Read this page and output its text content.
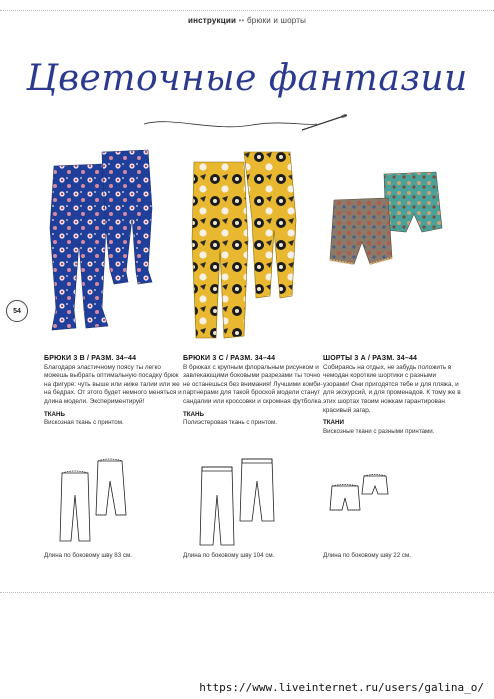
инструкции •• брюки и шорты
Цветочные фантазии
54
БРЮКИ 3 В / РАЗМ. 34–44
Благодаря эластичному поясу ты легко можешь выбрать оптимальную посадку брюк на фигуре: чуть выше или ниже талии или же на бедрах. От этого будет немного меняться и длина модели. Экспериментируй!
ТКАНЬ
Вискозная ткань с принтом.
БРЮКИ 3 С / РАЗМ. 34–44
В брюках с крупным флоральным рисунком и завлекающими боковыми разрезами ты точно не останешься без внимания! Лучшими комби-партнерами для такой броской модели станут сандалии или кроссовки и скромная футболка.
ТКАНЬ
Полиэстеровая ткань с принтом.
ШОРТЫ 3 А / РАЗМ. 34–44
Собираясь на отдых, не забудь положить в чемодан короткие шортики с разными узорами! Они пригодятся тебе и для пляжа, и для экскурсий, и для променадов. К тому же в этих шортах твоим ножкам гарантирован красивый загар.
ТКАНИ
Вискозные ткани с разными принтами.
Длина по боковому шву 83 см.	Длина по боковому шву 104 см.	Длина по боковому шву 22 см.
https://www.liveinternet.ru/users/galina_o/
